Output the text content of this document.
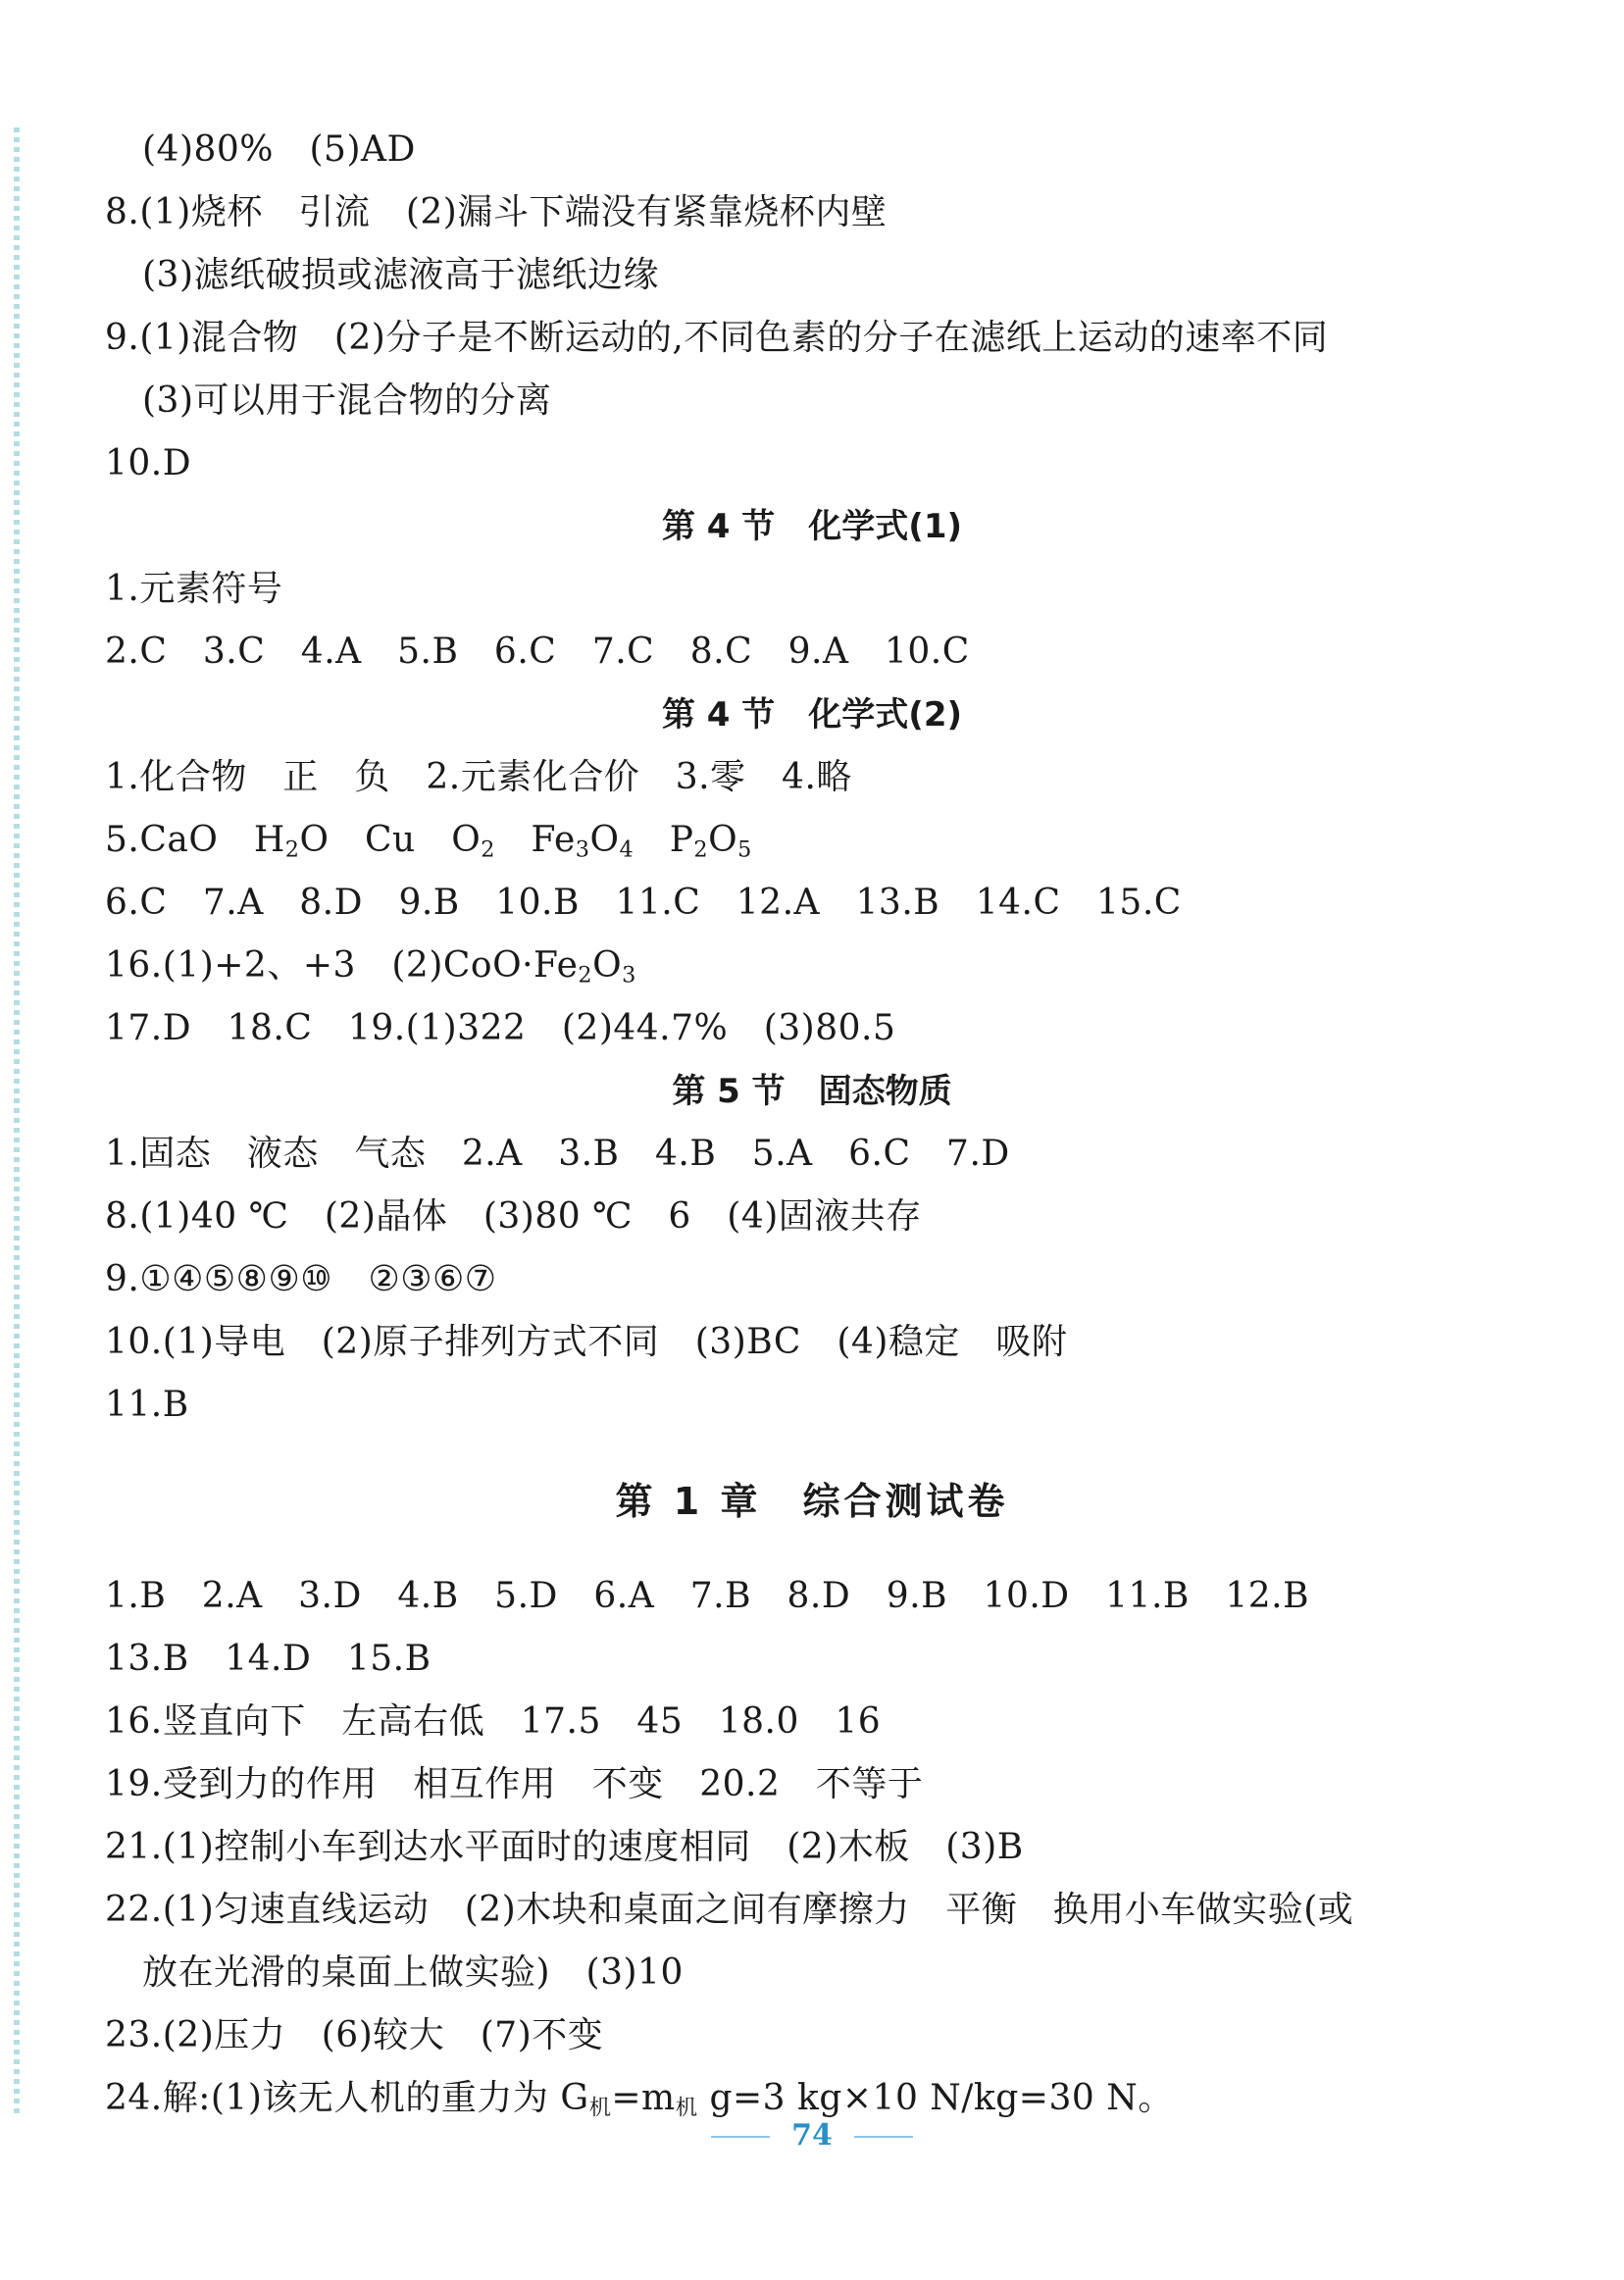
(4)80%　(5)AD
8.(1)烧杯　引流　(2)漏斗下端没有紧靠烧杯内壁
(3)滤纸破损或滤液高于滤纸边缘
9.(1)混合物　(2)分子是不断运动的,不同色素的分子在滤纸上运动的速率不同
(3)可以用于混合物的分离
10.D
第 4 节　化学式(1)
1.元素符号
2.C　3.C　4.A　5.B　6.C　7.C　8.C　9.A　10.C
第 4 节　化学式(2)
1.化合物　正　负　2.元素化合价　3.零　4.略
5.CaO　$H_2O$　Cu　$O_2$　$Fe_3O_4$　$P_2O_5$
6.C　7.A　8.D　9.B　10.B　11.C　12.A　13.B　14.C　15.C
16.(1)+2、+3　$(2)CoO\cdot Fe_2O_3$
17.D　18.C　19.(1)322　(2)44.7%　(3)80.5
第 5 节　固态物质
1.固态　液态　气态　2.A　3.B　4.B　5.A　6.C　7.D
8.(1)40 ℃　(2)晶体　(3)80 ℃　6　(4)固液共存
9.①④⑤⑧⑨⑩　②③⑥⑦
10.(1)导电　(2)原子排列方式不同　(3)BC　(4)稳定　吸附
11.B
第 1 章　综合测试卷
1.B　2.A　3.D　4.B　5.D　6.A　7.B　8.D　9.B　10.D　11.B　12.B
13.B　14.D　15.B
16.竖直向下　左高右低　17.5　45　18.0　16
19.受到力的作用　相互作用　不变　20.2　不等于
21.(1)控制小车到达水平面时的速度相同　(2)木板　(3)B
22.(1)匀速直线运动　(2)木块和桌面之间有摩擦力　平衡　换用小车做实验(或
放在光滑的桌面上做实验)　(3)10
23.(2)压力　(6)较大　(7)不变
24.解:(1)该无人机的重力为 $G_机=m_机$ g=3 kg×10 N/kg=30 N。
74
